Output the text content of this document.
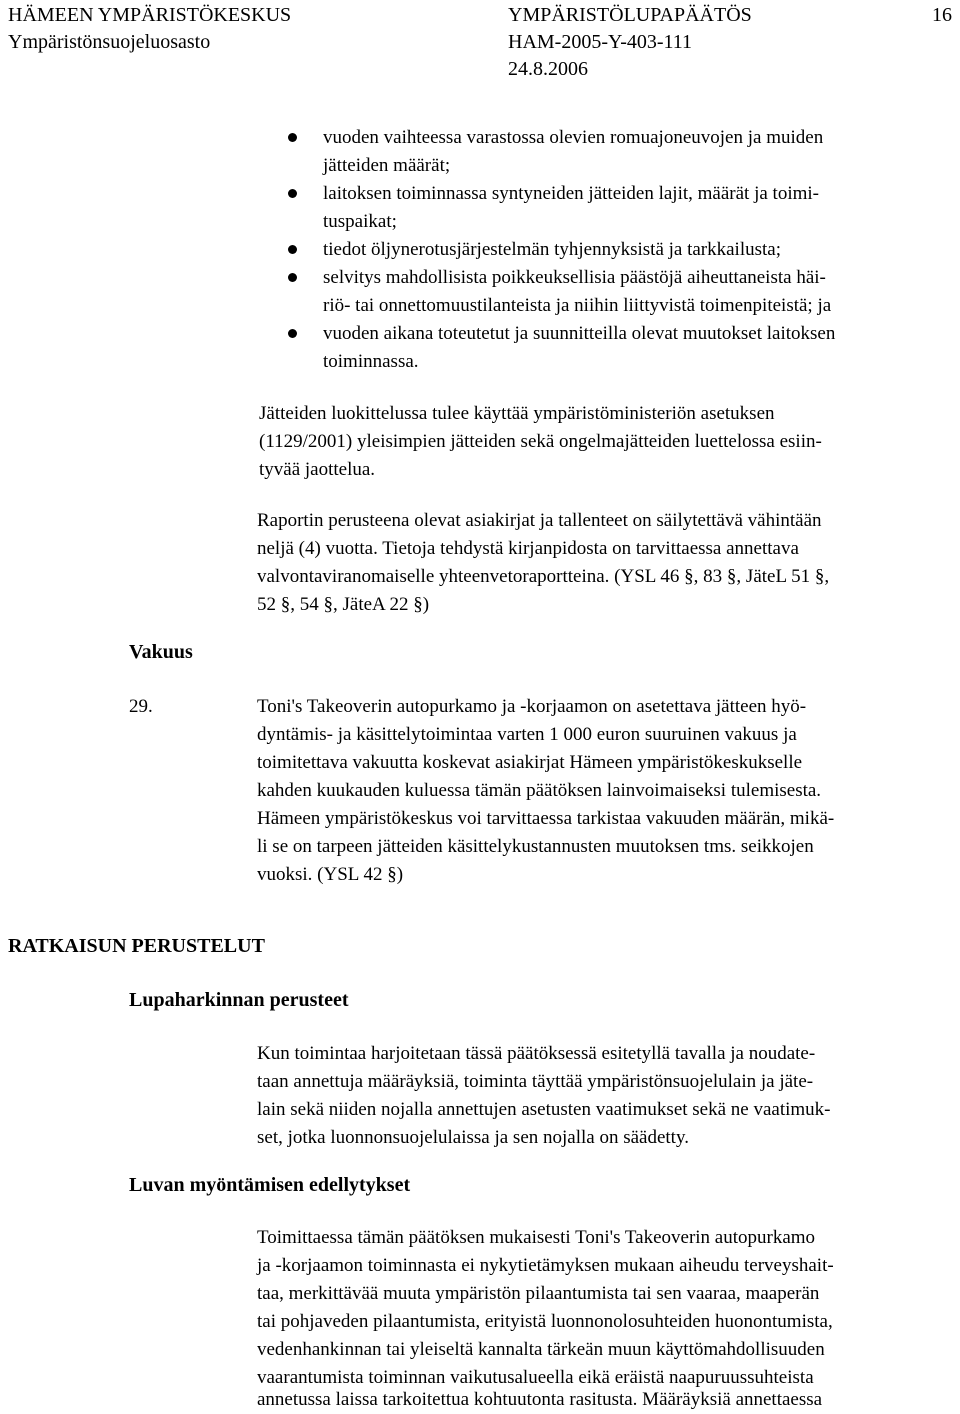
HÄMEEN YMPÄRISTÖKESKUS
Ympäristönsuojeluosasto
YMPÄRISTÖLUPAPÄÄTÖS
HAM-2005-Y-403-111
24.8.2006
16
vuoden vaihteessa varastossa olevien romuajoneuvojen ja muiden
jätteiden määrät;
laitoksen toiminnassa syntyneiden jätteiden lajit, määrät ja toimi-
tuspaikat;
tiedot öljynerotusjärjestelmän tyhjennyksistä ja tarkkailusta;
selvitys mahdollisista poikkeuksellisia päästöjä aiheuttaneista häi-
riö- tai onnettomuustilanteista ja niihin liittyvistä toimenpiteistä; ja
vuoden aikana toteutetut ja suunnitteilla olevat muutokset laitoksen
toiminnassa.
Jätteiden luokittelussa tulee käyttää ympäristöministeriön asetuksen
(1129/2001) yleisimpien jätteiden sekä ongelmajätteiden luettelossa esiin-
tyvää jaottelua.
Raportin perusteena olevat asiakirjat ja tallenteet on säilytettävä vähintään
neljä (4) vuotta. Tietoja tehdystä kirjanpidosta on tarvittaessa annettava
valvontaviranomaiselle yhteenvetoraportteina. (YSL 46 §, 83 §, JäteL 51 §,
52 §, 54 §, JäteA 22 §)
Vakuus
29.	Toni's Takeoverin autopurkamo ja -korjaamon on asetettava jätteen hyö-
dyntämis- ja käsittelytoimintaa varten 1 000 euron suuruinen vakuus ja
toimitettava vakuutta koskevat asiakirjat Hämeen ympäristökeskukselle
kahden kuukauden kuluessa tämän päätöksen lainvoimaiseksi tulemisesta.
Hämeen ympäristökeskus voi tarvittaessa tarkistaa vakuuden määrän, mikä-
li se on tarpeen jätteiden käsittelykustannusten muutoksen tms. seikkojen
vuoksi. (YSL 42 §)
RATKAISUN PERUSTELUT
Lupaharkinnan perusteet
Kun toimintaa harjoitetaan tässä päätöksessä esitetyllä tavalla ja noudate-
taan annettuja määräyksiä, toiminta täyttää ympäristönsuojelulain ja jäte-
lain sekä niiden nojalla annettujen asetusten vaatimukset sekä ne vaatimuk-
set, jotka luonnonsuojelulaissa ja sen nojalla on säädetty.
Luvan myöntämisen edellytykset
Toimittaessa tämän päätöksen mukaisesti Toni's Takeoverin autopurkamo
ja -korjaamon toiminnasta ei nykytietämyksen mukaan aiheudu terveyshait-
taa, merkittävää muuta ympäristön pilaantumista tai sen vaaraa, maaperän
tai pohjaveden pilaantumista, erityistä luonnonolosuhteiden huonontumista,
vedenhankinnan tai yleiseltä kannalta tärkeän muun käyttömahdollisuuden
vaarantumista toiminnan vaikutusalueella eikä eräistä naapuruussuhteista
annetussa laissa tarkoitettua kohtuutonta rasitusta. Määräyksiä annettaessa
